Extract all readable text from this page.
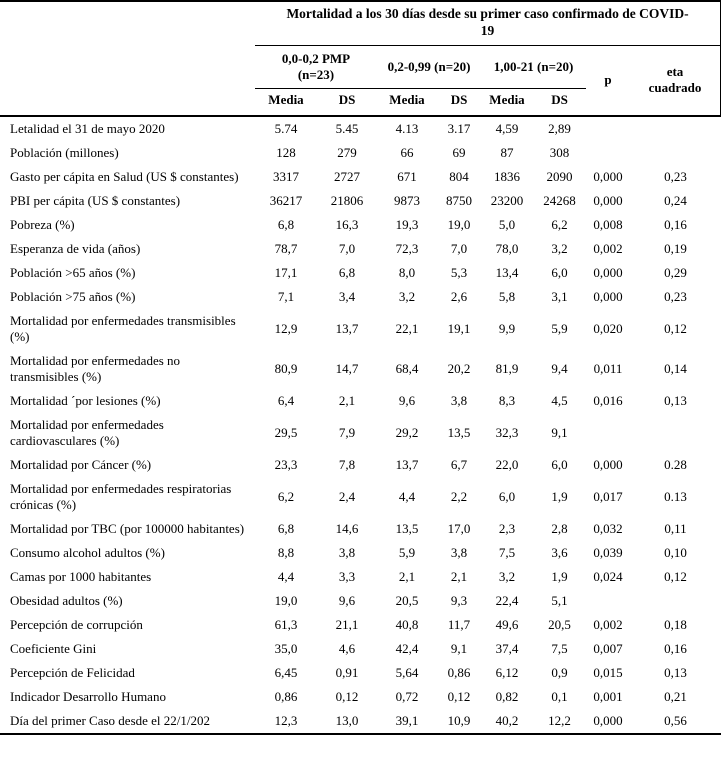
	Mortalidad a los 30 días desde su primer caso confirmado de COVID-19							
	0,0-0,2 PMP (n=23)		0,2-0,99 (n=20)		1,00-21 (n=20)		p	eta cuadrado
	Media	DS	Media	DS	Media	DS		
Letalidad el 31 de mayo 2020	5.74	5.45	4.13	3.17	4,59	2,89		
Población (millones)	128	279	66	69	87	308		
Gasto per cápita en Salud (US $ constantes)	3317	2727	671	804	1836	2090	0,000	0,23
PBI per cápita (US $ constantes)	36217	21806	9873	8750	23200	24268	0,000	0,24
Pobreza (%)	6,8	16,3	19,3	19,0	5,0	6,2	0,008	0,16
Esperanza de vida (años)	78,7	7,0	72,3	7,0	78,0	3,2	0,002	0,19
Población >65 años (%)	17,1	6,8	8,0	5,3	13,4	6,0	0,000	0,29
Población >75 años (%)	7,1	3,4	3,2	2,6	5,8	3,1	0,000	0,23
Mortalidad por enfermedades transmisibles (%)	12,9	13,7	22,1	19,1	9,9	5,9	0,020	0,12
Mortalidad por enfermedades no transmisibles (%)	80,9	14,7	68,4	20,2	81,9	9,4	0,011	0,14
Mortalidad ´por lesiones (%)	6,4	2,1	9,6	3,8	8,3	4,5	0,016	0,13
Mortalidad por enfermedades cardiovasculares (%)	29,5	7,9	29,2	13,5	32,3	9,1		
Mortalidad por Cáncer (%)	23,3	7,8	13,7	6,7	22,0	6,0	0,000	0.28
Mortalidad por enfermedades respiratorias crónicas (%)	6,2	2,4	4,4	2,2	6,0	1,9	0,017	0.13
Mortalidad por TBC (por 100000 habitantes)	6,8	14,6	13,5	17,0	2,3	2,8	0,032	0,11
Consumo alcohol adultos (%)	8,8	3,8	5,9	3,8	7,5	3,6	0,039	0,10
Camas por 1000 habitantes	4,4	3,3	2,1	2,1	3,2	1,9	0,024	0,12
Obesidad adultos (%)	19,0	9,6	20,5	9,3	22,4	5,1		
Percepción de corrupción	61,3	21,1	40,8	11,7	49,6	20,5	0,002	0,18
Coeficiente Gini	35,0	4,6	42,4	9,1	37,4	7,5	0,007	0,16
Percepción de Felicidad	6,45	0,91	5,64	0,86	6,12	0,9	0,015	0,13
Indicador Desarrollo Humano	0,86	0,12	0,72	0,12	0,82	0,1	0,001	0,21
Día del primer Caso desde el 22/1/202	12,3	13,0	39,1	10,9	40,2	12,2	0,000	0,56
